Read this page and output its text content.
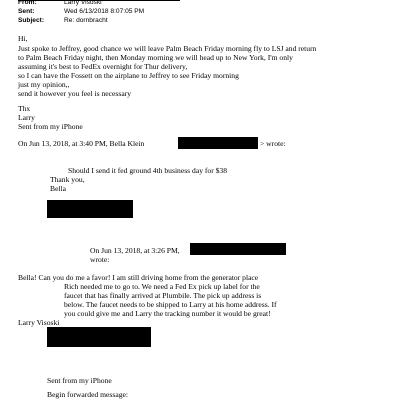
From:	Larry Visoski
Sent:	Wed 6/13/2018 8:07:05 PM
Subject:	Re: dornbracht
Hi,
Just spoke to Jeffrey, good chance we will leave Palm Beach Friday morning fly to LSJ and return
to Palm Beach Friday night, then Monday morning we will head up to New York, I'm only
assuming it's best to FedEx overnight for Thur delivery,
so I can have the Fossett on the airplane to Jeffrey to see Friday morning
just my opinion,,
send it however you feel is necessary
Thx
Larry
Sent from my iPhone
On Jun 13, 2018, at 3:40 PM, Bella Klein	> wrote:
Should I send it fed ground 4th business day for $38
Thank you,
Bella
On Jun 13, 2018, at 3:26 PM,
wrote:
Bella! Can you do me a favor! I am still driving home from the generator place
Rich needed me to go to. We need a Fed Ex pick up label for the
faucet that has finally arrived at Plumbile. The pick up address is
below. The faucet needs to be shipped to Larry at his home address. If
you could give me and Larry the tracking number it would be great!
Larry Visoski
Sent from my iPhone
Begin forwarded message:
